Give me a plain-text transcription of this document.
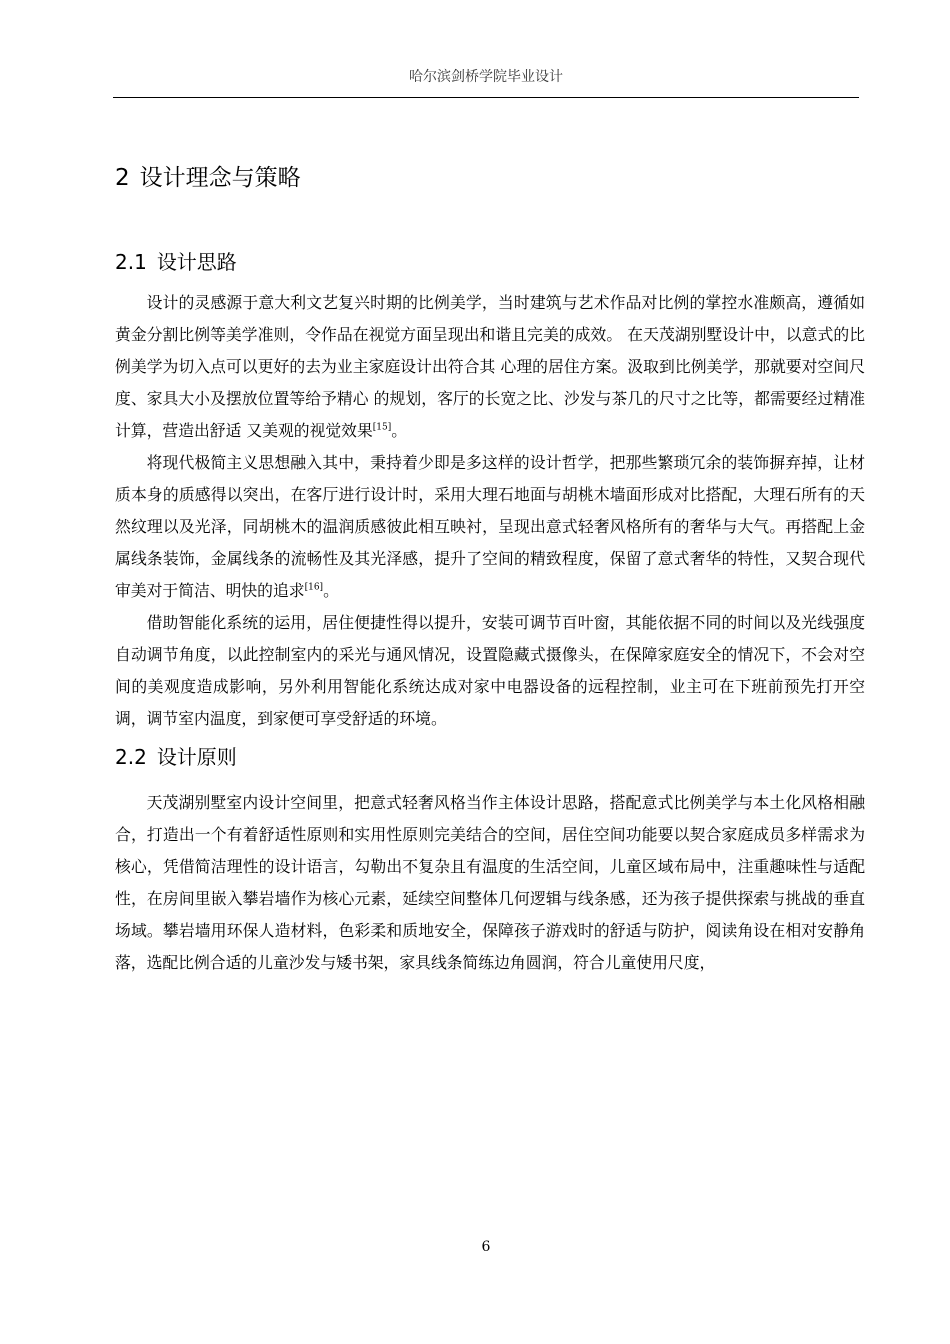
哈尔滨剑桥学院毕业设计
2 设计理念与策略
2.1 设计思路

设计的灵感源于意大利文艺复兴时期的比例美学，当时建筑与艺术作品对比例的掌控水准颇高，遵循如黄金分割比例等美学准则，令作品在视觉方面呈现出和谐且完美的成效。 在天茂湖别墅设计中，以意式的比例美学为切入点可以更好的去为业主家庭设计出符合其 心理的居住方案。汲取到比例美学，那就要对空间尺度、家具大小及摆放位置等给予精心 的规划，客厅的长宽之比、沙发与茶几的尺寸之比等，都需要经过精准计算，营造出舒适 又美观的视觉效果[15]。

将现代极简主义思想融入其中，秉持着少即是多这样的设计哲学，把那些繁琐冗余的装饰摒弃掉，让材质本身的质感得以突出，在客厅进行设计时，采用大理石地面与胡桃木墙面形成对比搭配，大理石所有的天然纹理以及光泽，同胡桃木的温润质感彼此相互映衬，呈现出意式轻奢风格所有的奢华与大气。再搭配上金属线条装饰，金属线条的流畅性及其光泽感，提升了空间的精致程度，保留了意式奢华的特性，又契合现代审美对于简洁、明快的追求[16]。

借助智能化系统的运用，居住便捷性得以提升，安装可调节百叶窗，其能依据不同的时间以及光线强度自动调节角度，以此控制室内的采光与通风情况，设置隐藏式摄像头，在保障家庭安全的情况下，不会对空间的美观度造成影响，另外利用智能化系统达成对家中电器设备的远程控制，业主可在下班前预先打开空调，调节室内温度，到家便可享受舒适的环境。

2.2 设计原则

天茂湖别墅室内设计空间里，把意式轻奢风格当作主体设计思路，搭配意式比例美学与本土化风格相融合，打造出一个有着舒适性原则和实用性原则完美结合的空间，居住空间功能要以契合家庭成员多样需求为核心，凭借简洁理性的设计语言，勾勒出不复杂且有温度的生活空间，儿童区域布局中，注重趣味性与适配性，在房间里嵌入攀岩墙作为核心元素，延续空间整体几何逻辑与线条感，还为孩子提供探索与挑战的垂直场域。攀岩墙用环保人造材料，色彩柔和质地安全，保障孩子游戏时的舒适与防护，阅读角设在相对安静角落，选配比例合适的儿童沙发与矮书架，家具线条简练边角圆润，符合儿童使用尺度，

6
